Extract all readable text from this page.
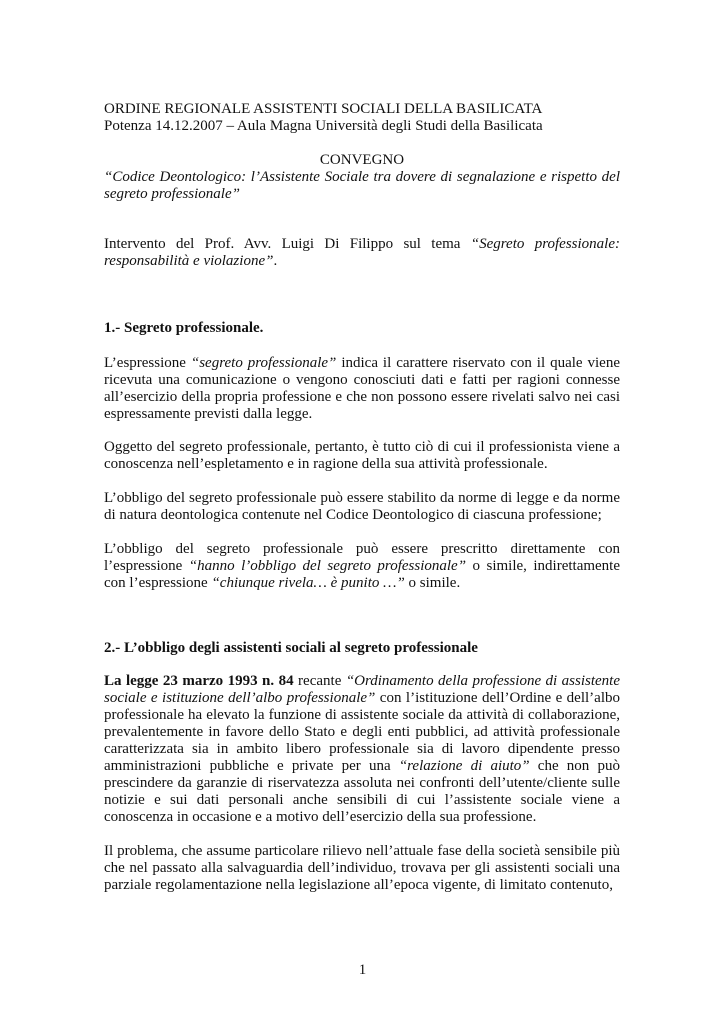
ORDINE REGIONALE ASSISTENTI SOCIALI DELLA BASILICATA
Potenza 14.12.2007 – Aula Magna Università degli Studi della Basilicata
CONVEGNO
“Codice Deontologico: l’Assistente Sociale tra dovere di segnalazione e rispetto del
segreto professionale”
Intervento del Prof. Avv. Luigi Di Filippo sul tema “Segreto professionale:
responsabilità e violazione”.
1.- Segreto professionale.

L’espressione “segreto professionale” indica il carattere riservato con il quale viene ricevuta una comunicazione o vengono conosciuti dati e fatti per ragioni connesse all’esercizio della propria professione e che non possono essere rivelati salvo nei casi espressamente previsti dalla legge.

Oggetto del segreto professionale, pertanto, è tutto ciò di cui il professionista viene a conoscenza nell’espletamento e in ragione della sua attività professionale.

L’obbligo del segreto professionale può essere stabilito da norme di legge e da norme di natura deontologica contenute nel Codice Deontologico di ciascuna professione;

L’obbligo del segreto professionale può essere prescritto direttamente con l’espressione “hanno l’obbligo del segreto professionale” o simile, indirettamente con l’espressione “chiunque rivela… è punito …” o simile.

2.- L’obbligo degli assistenti sociali al segreto professionale

La legge 23 marzo 1993 n. 84 recante “Ordinamento della professione di assistente sociale e istituzione dell’albo professionale” con l’istituzione dell’Ordine e dell’albo professionale ha elevato la funzione di assistente sociale da attività di collaborazione, prevalentemente in favore dello Stato e degli enti pubblici, ad attività professionale caratterizzata sia in ambito libero professionale sia di lavoro dipendente presso amministrazioni pubbliche e private per una “relazione di aiuto” che non può prescindere da garanzie di riservatezza assoluta nei confronti dell’utente/cliente sulle notizie e sui dati personali anche sensibili di cui l’assistente sociale viene a conoscenza in occasione e a motivo dell’esercizio della sua professione.

Il problema, che assume particolare rilievo nell’attuale fase della società sensibile più che nel passato alla salvaguardia dell’individuo, trovava per gli assistenti sociali una parziale regolamentazione nella legislazione all’epoca vigente, di limitato contenuto,

1
